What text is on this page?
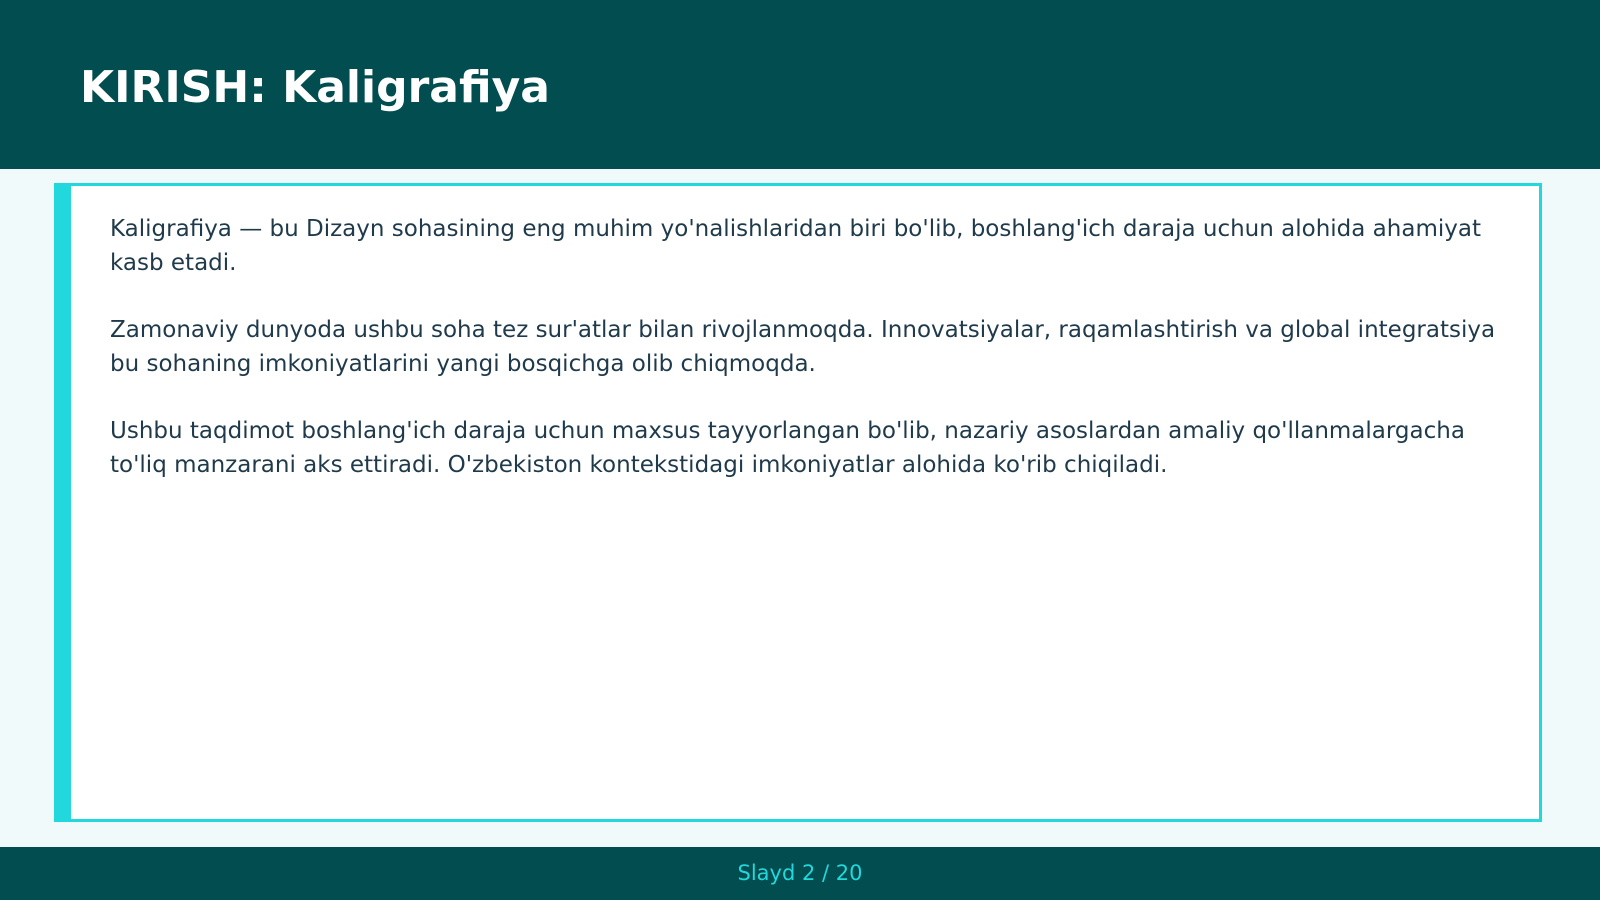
KIRISH: Kaligrafiya

Kaligrafiya — bu Dizayn sohasining eng muhim yo'nalishlaridan biri bo'lib, boshlang'ich daraja uchun alohida ahamiyat kasb etadi.

Zamonaviy dunyoda ushbu soha tez sur'atlar bilan rivojlanmoqda. Innovatsiyalar, raqamlashtirish va global integratsiya bu sohaning imkoniyatlarini yangi bosqichga olib chiqmoqda.

Ushbu taqdimot boshlang'ich daraja uchun maxsus tayyorlangan bo'lib, nazariy asoslardan amaliy qo'llanmalargacha to'liq manzarani aks ettiradi. O'zbekiston kontekstidagi imkoniyatlar alohida ko'rib chiqiladi.

Slayd 2 / 20
